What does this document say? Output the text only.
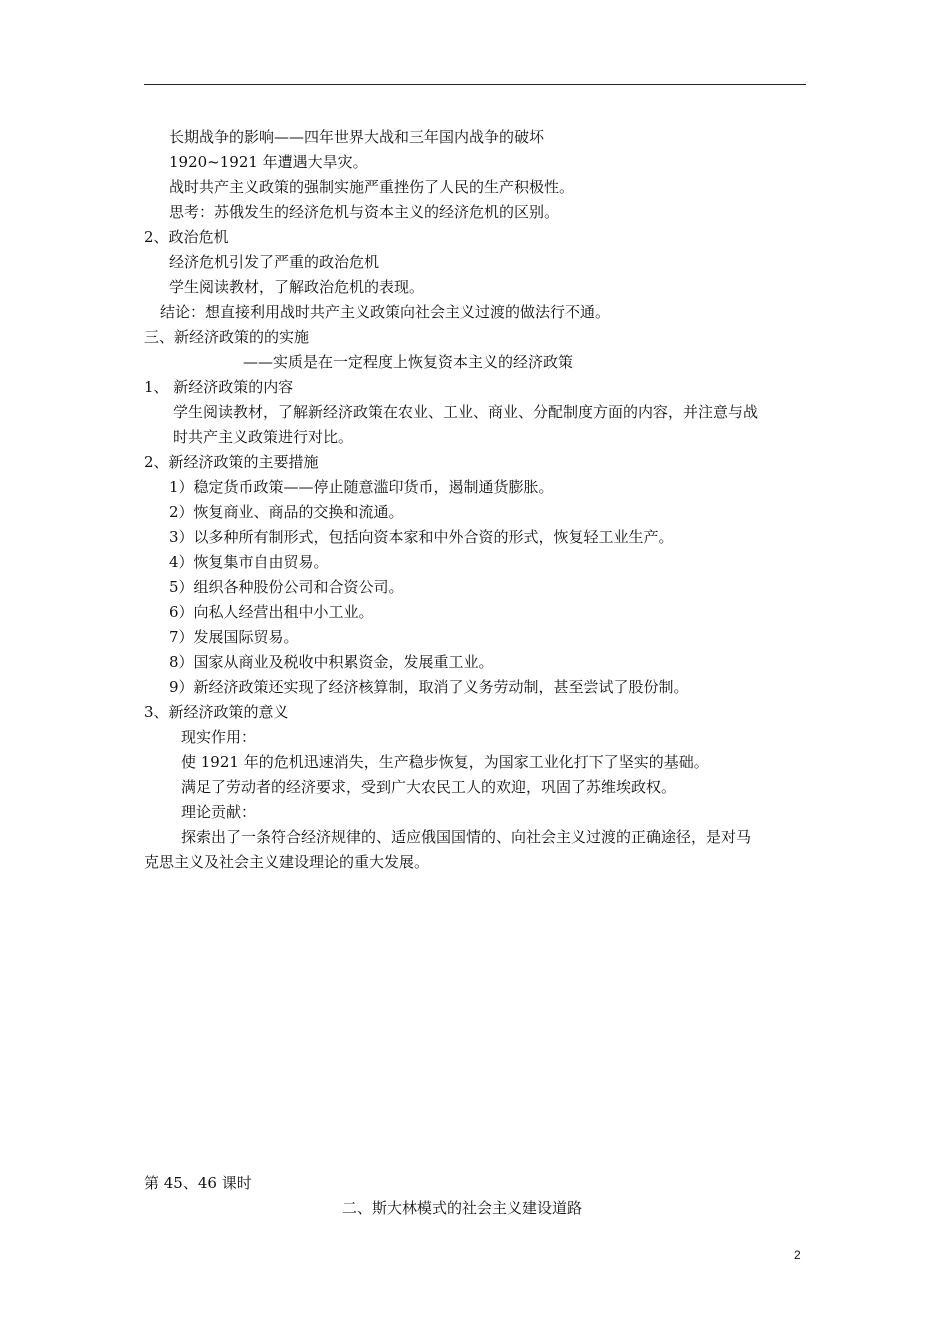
长期战争的影响——四年世界大战和三年国内战争的破坏
1920~1921 年遭遇大旱灾。
战时共产主义政策的强制实施严重挫伤了人民的生产积极性。
思考：苏俄发生的经济危机与资本主义的经济危机的区别。
2、政治危机
经济危机引发了严重的政治危机
学生阅读教材，了解政治危机的表现。
结论：想直接利用战时共产主义政策向社会主义过渡的做法行不通。
三、新经济政策的的实施
——实质是在一定程度上恢复资本主义的经济政策
1、 新经济政策的内容
学生阅读教材，了解新经济政策在农业、工业、商业、分配制度方面的内容，并注意与战
时共产主义政策进行对比。
2、新经济政策的主要措施
1）稳定货币政策——停止随意滥印货币，遏制通货膨胀。
2）恢复商业、商品的交换和流通。
3）以多种所有制形式，包括向资本家和中外合资的形式，恢复轻工业生产。
4）恢复集市自由贸易。
5）组织各种股份公司和合资公司。
6）向私人经营出租中小工业。
7）发展国际贸易。
8）国家从商业及税收中积累资金，发展重工业。
9）新经济政策还实现了经济核算制，取消了义务劳动制，甚至尝试了股份制。
3、新经济政策的意义
现实作用：
使 1921 年的危机迅速消失，生产稳步恢复，为国家工业化打下了坚实的基础。
满足了劳动者的经济要求，受到广大农民工人的欢迎，巩固了苏维埃政权。
理论贡献：
探索出了一条符合经济规律的、适应俄国国情的、向社会主义过渡的正确途径，是对马
克思主义及社会主义建设理论的重大发展。
第 45、46 课时
二、斯大林模式的社会主义建设道路
2
